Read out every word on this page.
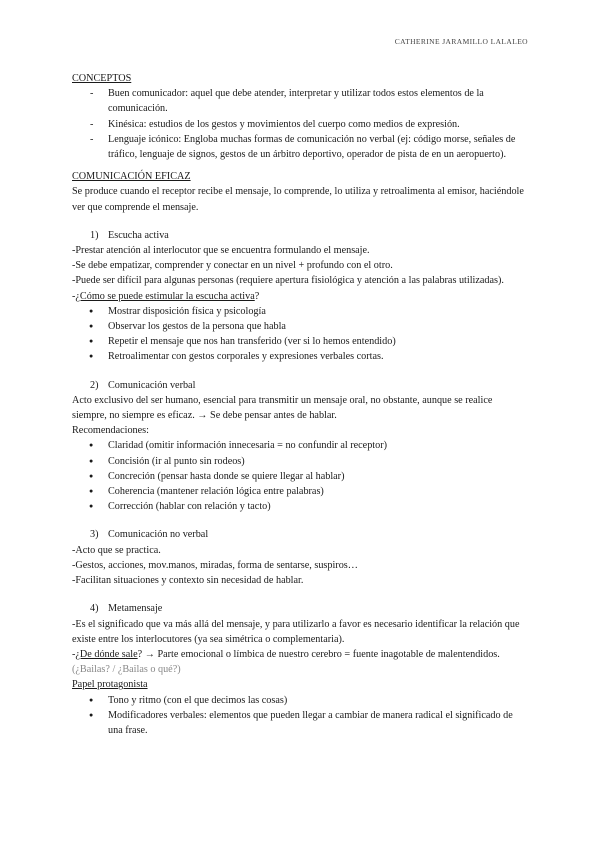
CATHERINE JARAMILLO LALALEO

CONCEPTOS

- Buen comunicador: aquel que debe atender, interpretar y utilizar todos estos elementos de la comunicación.
- Kinésica: estudios de los gestos y movimientos del cuerpo como medios de expresión.
- Lenguaje icónico: Engloba muchas formas de comunicación no verbal (ej: código morse, señales de tráfico, lenguaje de signos, gestos de un árbitro deportivo, operador de pista de en un aeropuerto).

COMUNICACIÓN EFICAZ

Se produce cuando el receptor recibe el mensaje, lo comprende, lo utiliza y retroalimenta al emisor, haciéndole ver que comprende el mensaje.

1) Escucha activa

-Prestar atención al interlocutor que se encuentra formulando el mensaje.

-Se debe empatizar, comprender y conectar en un nivel + profundo con el otro.

-Puede ser difícil para algunas personas (requiere apertura fisiológica y atención a las palabras utilizadas).

-¿Cómo se puede estimular la escucha activa?

● Mostrar disposición física y psicología
● Observar los gestos de la persona que habla
● Repetir el mensaje que nos han transferido (ver si lo hemos entendido)
● Retroalimentar con gestos corporales y expresiones verbales cortas.
2) Comunicación verbal

Acto exclusivo del ser humano, esencial para transmitir un mensaje oral, no obstante, aunque se realice siempre, no siempre es eficaz. → Se debe pensar antes de hablar.

Recomendaciones:

● Claridad (omitir información innecesaria = no confundir al receptor)
● Concisión (ir al punto sin rodeos)
● Concreción (pensar hasta donde se quiere llegar al hablar)
● Coherencia (mantener relación lógica entre palabras)
● Corrección (hablar con relación y tacto)
3) Comunicación no verbal

-Acto que se practica.

-Gestos, acciones, mov.manos, miradas, forma de sentarse, suspiros…

-Facilitan situaciones y contexto sin necesidad de hablar.

4) Metamensaje

-Es el significado que va más allá del mensaje, y para utilizarlo a favor es necesario identificar la relación que existe entre los interlocutores (ya sea simétrica o complementaria).

-¿De dónde sale? → Parte emocional o límbica de nuestro cerebro = fuente inagotable de malentendidos. (¿Bailas? / ¿Bailas o qué?)

Papel protagonista

● Tono y ritmo (con el que decimos las cosas)
● Modificadores verbales: elementos que pueden llegar a cambiar de manera radical el significado de una frase.
